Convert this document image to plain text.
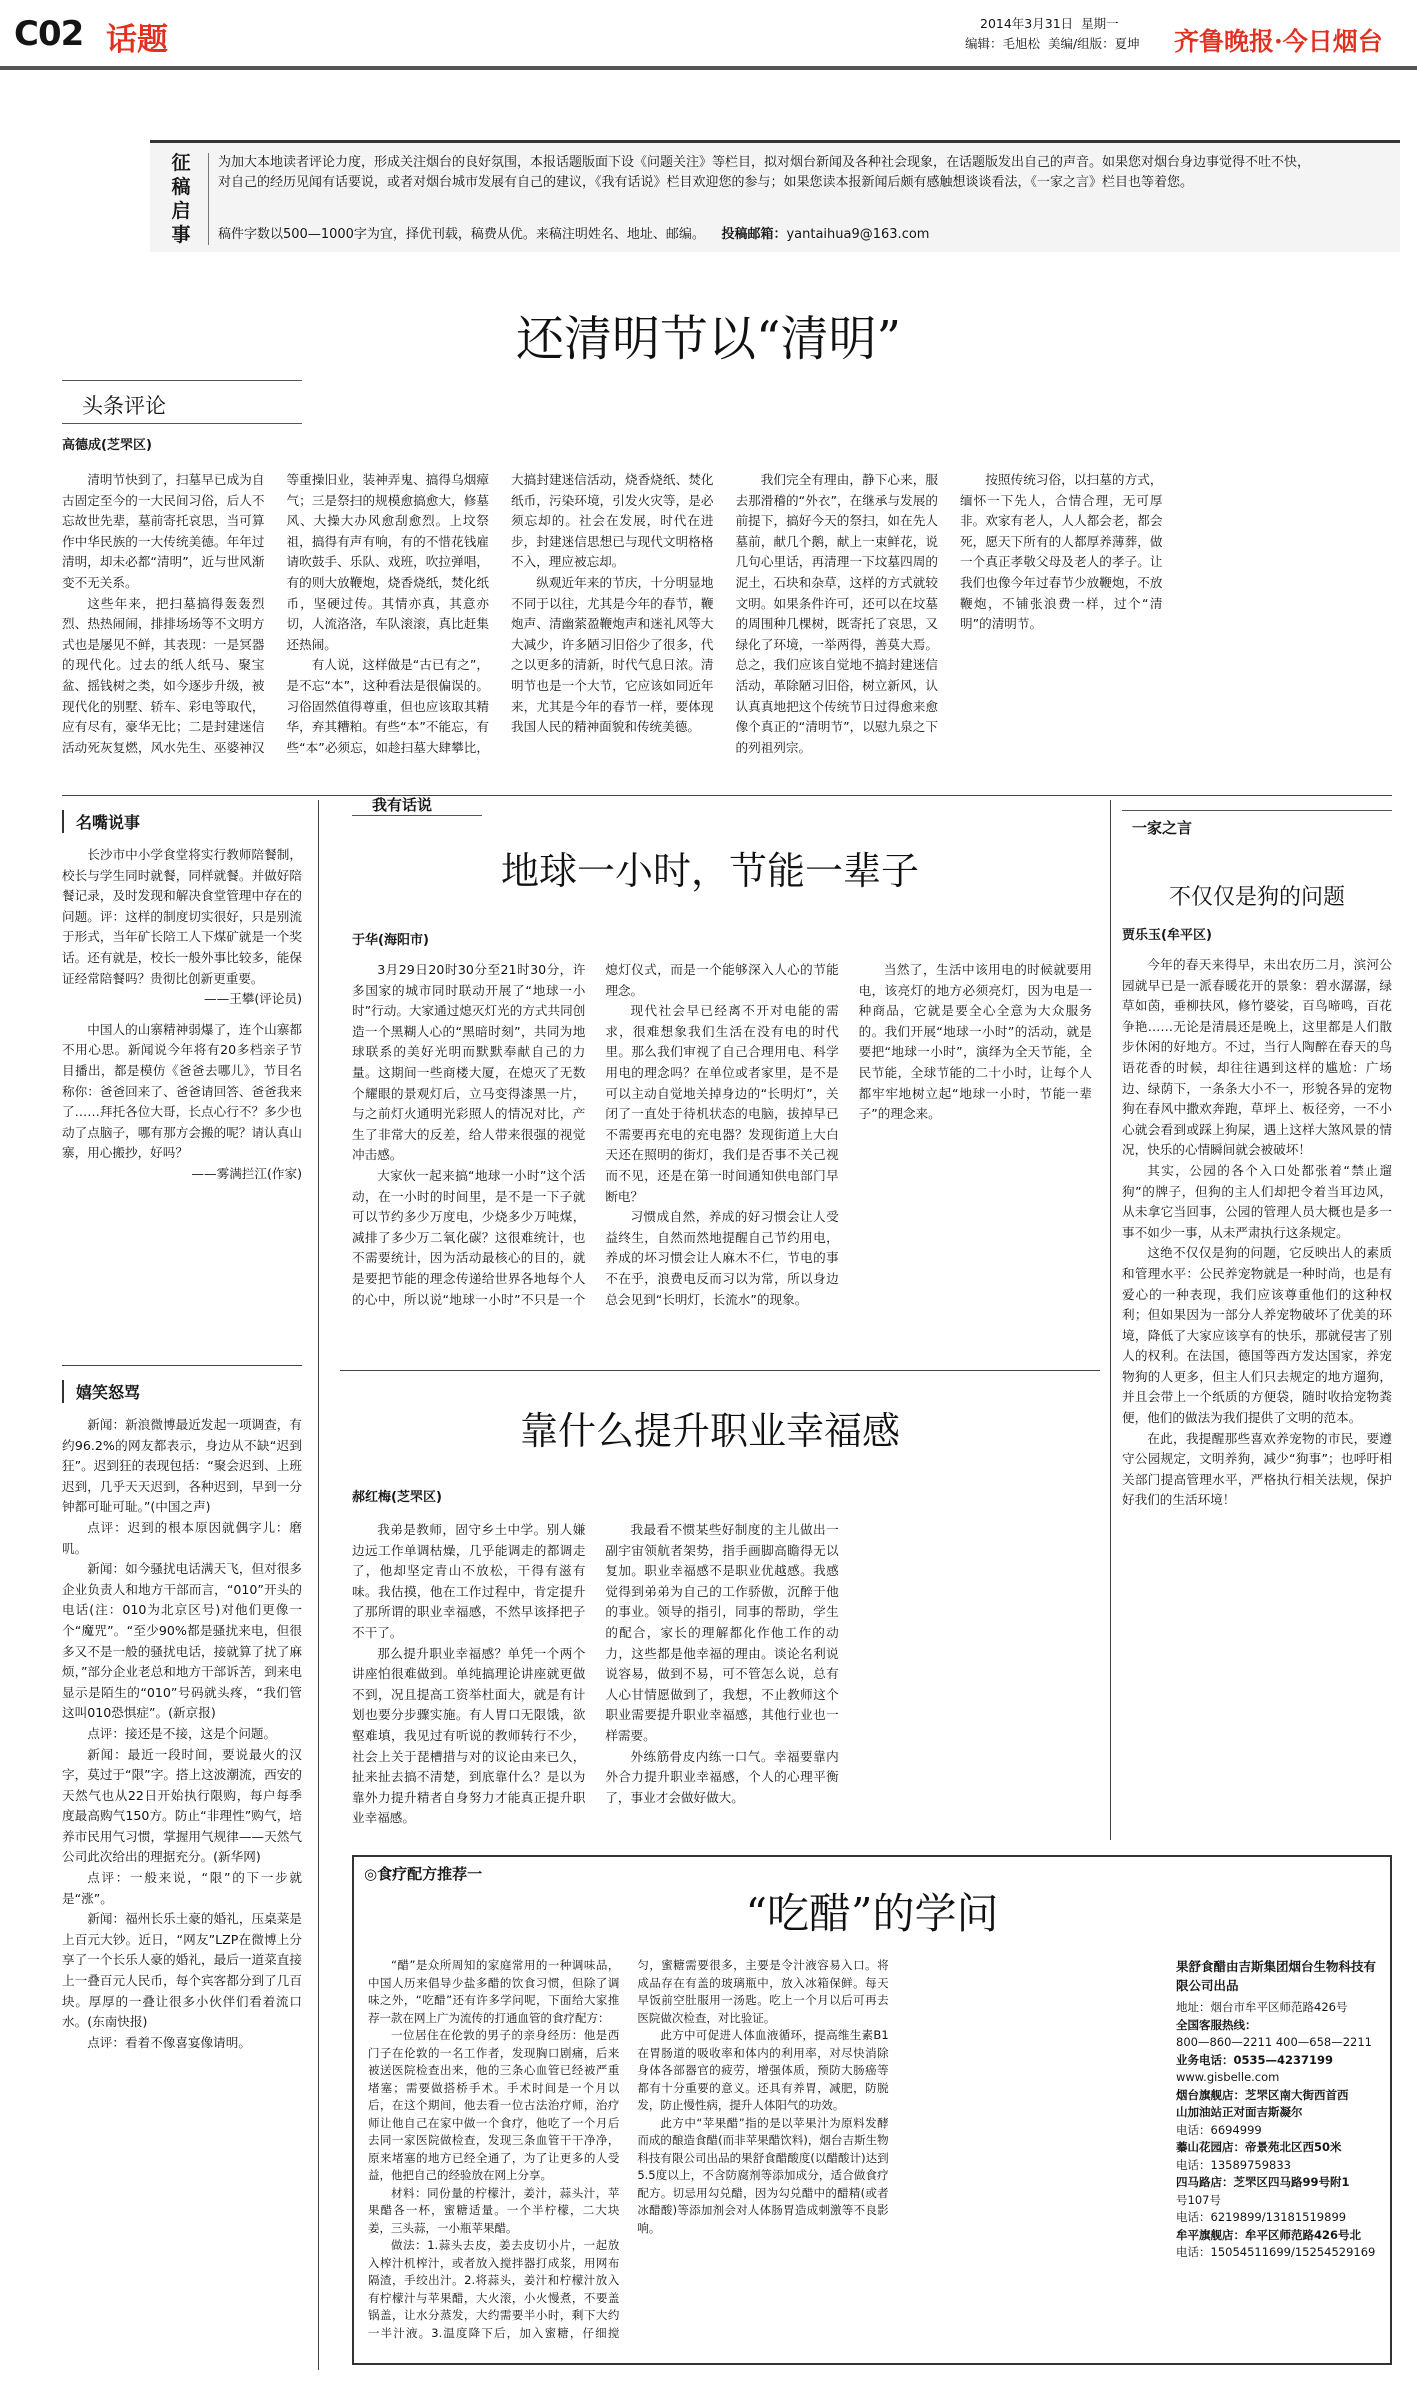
C02 话题	2014年3月31日 星期一
编辑：毛旭松 美编/组版：夏坤 齐鲁晚报·今日烟台
征
稿
启
事
为加大本地读者评论力度，形成关注烟台的良好氛围，本报话题版面下设《问题关注》等栏目，拟对烟台新闻及各种社会现象，在话题版发出自己的声音。如果您对烟台身边事觉得不吐不快，对自己的经历见闻有话要说，或者对烟台城市发展有自己的建议，《我有话说》栏目欢迎您的参与；如果您读本报新闻后颇有感触想谈谈看法，《一家之言》栏目也等着您。
稿件字数以500—1000字为宜，择优刊载，稿费从优。来稿注明姓名、地址、邮编。 投稿邮箱：yantaihua9@163.com
还清明节以“清明”
头条评论
高德成(芝罘区)
清明节快到了，扫墓早已成为自古固定至今的一大民间习俗，后人不忘故世先辈，墓前寄托哀思，当可算作中华民族的一大传统美德。年年过清明，却未必都“清明”，近与世风渐变不无关系。
这些年来，把扫墓搞得轰轰烈烈、热热闹闹，排排场场等不文明方式也是屡见不鲜，其表现：一是冥器的现代化。过去的纸人纸马、聚宝盆、摇钱树之类，如今逐步升级，被现代化的别墅、轿车、彩电等取代，应有尽有，豪华无比；二是封建迷信活动死灰复燃，风水先生、巫婆神汉等重操旧业，装神弄鬼、搞得乌烟瘴气；三是祭扫的规模愈搞愈大，修墓风、大操大办风愈刮愈烈。上坟祭祖，搞得有声有响，有的不惜花钱雇请吹鼓手、乐队、戏班，吹拉弹唱，有的则大放鞭炮，烧香烧纸，焚化纸币，坚硬过传。其情亦真，其意亦切，人流洛洛，车队滚滚，真比赶集还热闹。
有人说，这样做是“古已有之”，是不忘“本”，这种看法是很偏误的。习俗固然值得尊重，但也应该取其精华，弃其糟粕。有些“本”不能忘，有些“本”必须忘，如趁扫墓大肆攀比，大搞封建迷信活动，烧香烧纸、焚化纸币，污染环境，引发火灾等，是必须忘却的。社会在发展，时代在进步，封建迷信思想已与现代文明格格不入，理应被忘却。
纵观近年来的节庆，十分明显地不同于以往，尤其是今年的春节，鞭炮声、清幽萦盈鞭炮声和迷礼风等大大减少，许多陋习旧俗少了很多，代之以更多的清新，时代气息日浓。清明节也是一个大节，它应该如同近年来，尤其是今年的春节一样，要体现我国人民的精神面貌和传统美德。
我们完全有理由，静下心来，服去那滑稽的“外衣”，在继承与发展的前提下，搞好今天的祭扫，如在先人墓前，献几个鹅，献上一束鲜花，说几句心里话，再清理一下坟墓四周的泥土，石块和杂草，这样的方式就较文明。如果条件许可，还可以在坟墓的周围种几棵树，既寄托了哀思，又绿化了环境，一举两得，善莫大焉。总之，我们应该自觉地不搞封建迷信活动，革除陋习旧俗，树立新风，认认真真地把这个传统节日过得愈来愈像个真正的“清明节”，以慰九泉之下的列祖列宗。
按照传统习俗，以扫墓的方式，缅怀一下先人，合情合理，无可厚非。欢家有老人，人人都会老，都会死，愿天下所有的人都厚养薄葬，做一个真正孝敬父母及老人的孝子。让我们也像今年过春节少放鞭炮，不放鞭炮，不铺张浪费一样，过个“清明”的清明节。
名嘴说事
长沙市中小学食堂将实行教师陪餐制，校长与学生同时就餐，同样就餐。并做好陪餐记录，及时发现和解决食堂管理中存在的问题。评：这样的制度切实很好，只是别流于形式，当年矿长陪工人下煤矿就是一个奖话。还有就是，校长一般外事比较多，能保证经常陪餐吗？贵彻比创新更重要。
——王攀(评论员)
中国人的山寨精神弱爆了，连个山寨都不用心思。新闻说今年将有20多档亲子节目播出，都是模仿《爸爸去哪儿》，节目名称你：爸爸回来了、爸爸请回答、爸爸我来了……拜托各位大哥，长点心行不？多少也动了点脑子，哪有那方会搬的呢？请认真山寨，用心搬抄，好吗？
——雾满拦江(作家)
嬉笑怒骂
新闻：新浪微博最近发起一项调查，有约96.2%的网友都表示，身边从不缺“迟到狂”。迟到狂的表现包括：“聚会迟到、上班迟到，几乎天天迟到，各种迟到，早到一分钟都可耻可耻。”(中国之声)
点评：迟到的根本原因就偶字儿：磨叽。
新闻：如今骚扰电话满天飞，但对很多企业负责人和地方干部而言，“010”开头的电话(注：010为北京区号)对他们更像一个“魔咒”。“至少90%都是骚扰来电，但很多又不是一般的骚扰电话，接就算了扰了麻烦，”部分企业老总和地方干部诉苦，到来电显示是陌生的“010”号码就头疼，“我们管这叫010恐惧症”。(新京报)
点评：接还是不接，这是个问题。
新闻：最近一段时间，要说最火的汉字，莫过于“限”字。搭上这波潮流，西安的天然气也从22日开始执行限购，每户每季度最高购气150方。防止“非理性”购气，培养市民用气习惯，掌握用气规律——天然气公司此次给出的理据充分。(新华网)
点评：一般来说，“限”的下一步就是“涨”。
新闻：福州长乐土豪的婚礼，压桌菜是上百元大钞。近日，“网友”LZP在微博上分享了一个长乐人豪的婚礼，最后一道菜直接上一叠百元人民币，每个宾客都分到了几百块。厚厚的一叠让很多小伙伴们看着流口水。(东南快报)
点评：看着不像喜宴像请明。
我有话说
地球一小时，节能一辈子
于华(海阳市)
3月29日20时30分至21时30分，许多国家的城市同时联动开展了“地球一小时”行动。大家通过熄灭灯光的方式共同创造一个黑糊人心的“黑暗时刻”，共同为地球联系的美好光明而默默奉献自己的力量。这期间一些商楼大厦，在熄灭了无数个耀眼的景观灯后，立马变得漆黑一片，与之前灯火通明光彩照人的情况对比，产生了非常大的反差，给人带来很强的视觉冲击感。
大家伙一起来搞“地球一小时”这个活动，在一小时的时间里，是不是一下子就可以节约多少万度电，少烧多少万吨煤，减排了多少万二氧化碳？这很难统计，也不需要统计，因为活动最核心的目的，就是要把节能的理念传递给世界各地每个人的心中，所以说“地球一小时”不只是一个熄灯仪式，而是一个能够深入人心的节能理念。
现代社会早已经离不开对电能的需求，很难想象我们生活在没有电的时代里。那么我们审视了自己合理用电、科学用电的理念吗？在单位或者家里，是不是可以主动自觉地关掉身边的“长明灯”，关闭了一直处于待机状态的电脑，拔掉早已不需要再充电的充电器？发现街道上大白天还在照明的街灯，我们是否事不关己视而不见，还是在第一时间通知供电部门早断电？
习惯成自然，养成的好习惯会让人受益终生，自然而然地提醒自己节约用电，养成的坏习惯会让人麻木不仁，节电的事不在乎，浪费电反而习以为常，所以身边总会见到“长明灯，长流水”的现象。
当然了，生活中该用电的时候就要用电，该亮灯的地方必须亮灯，因为电是一种商品，它就是要全心全意为大众服务的。我们开展“地球一小时”的活动，就是要把“地球一小时”，演绎为全天节能，全民节能，全球节能的二十小时，让每个人都牢牢地树立起“地球一小时，节能一辈子”的理念来。
靠什么提升职业幸福感
郝红梅(芝罘区)
我弟是教师，固守乡土中学。别人嫌边远工作单调枯燥，几乎能调走的都调走了，他却坚定青山不放松，干得有滋有味。我估摸，他在工作过程中，肯定提升了那所谓的职业幸福感，不然早该择把子不干了。
那么提升职业幸福感？单凭一个两个讲座怕很难做到。单纯搞理论讲座就更做不到，况且提高工资举杜面大，就是有计划也要分步骤实施。有人胃口无限饿，欲壑难填，我见过有听说的教师转行不少，社会上关于琵槽措与对的议论由来已久，扯来扯去搞不清楚，到底靠什么？是以为靠外力提升精者自身努力才能真正提升职业幸福感。
我最看不惯某些好制度的主儿做出一副宇宙领航者架势，指手画脚高瞻得无以复加。职业幸福感不是职业优越感。我感觉得到弟弟为自己的工作骄傲，沉醉于他的事业。领导的指引，同事的帮助，学生的配合，家长的理解都化作他工作的动力，这些都是他幸福的理由。谈论名利说说容易，做到不易，可不管怎么说，总有人心甘情愿做到了，我想，不止教师这个职业需要提升职业幸福感，其他行业也一样需要。
外练筋骨皮内练一口气。幸福要靠内外合力提升职业幸福感，个人的心理平衡了，事业才会做好做大。
一家之言
不仅仅是狗的问题
贾乐玉(牟平区)
今年的春天来得早，未出农历二月，滨河公园就早已是一派春暖花开的景象：碧水潺潺，绿草如茵，垂柳扶风，修竹婆娑，百鸟啼鸣，百花争艳……无论是清晨还是晚上，这里都是人们散步休闲的好地方。不过，当行人陶醉在春天的鸟语花香的时候，却往往遇到这样的尴尬：广场边、绿荫下，一条条大小不一，形貌各异的宠物狗在春风中撒欢奔跑，草坪上、板径旁，一不小心就会看到或踩上狗屎，遇上这样大煞风景的情况，快乐的心情瞬间就会被破坏！
其实，公园的各个入口处都张着“禁止遛狗”的牌子，但狗的主人们却把令着当耳边风，从未拿它当回事，公园的管理人员大概也是多一事不如少一事，从未严肃执行这条规定。
这绝不仅仅是狗的问题，它反映出人的素质和管理水平：公民养宠物就是一种时尚，也是有爱心的一种表现，我们应该尊重他们的这种权利；但如果因为一部分人养宠物破坏了优美的环境，降低了大家应该享有的快乐，那就侵害了别人的权利。在法国，德国等西方发达国家，养宠物狗的人更多，但主人们只去规定的地方遛狗，并且会带上一个纸质的方便袋，随时收拾宠物粪便，他们的做法为我们提供了文明的范本。
在此，我提醒那些喜欢养宠物的市民，要遵守公园规定，文明养狗，减少“狗事”；也呼吁相关部门提高管理水平，严格执行相关法规，保护好我们的生活环境！
◎食疗配方推荐一
“吃醋”的学问
“醋”是众所周知的家庭常用的一种调味品，中国人历来倡导少盐多醋的饮食习惯，但除了调味之外，“吃醋”还有许多学问呢，下面给大家推荐一款在网上广为流传的打通血管的食疗配方：
一位居住在伦敦的男子的亲身经历：他是西门子在伦敦的一名工作者，发现胸口剧痛，后来被送医院检查出来，他的三条心血管已经被严重堵塞；需要做搭桥手术。手术时间是一个月以后，在这个期间，他去看一位古法治疗师，治疗师让他自己在家中做一个食疗，他吃了一个月后去同一家医院做检查，发现三条血管干干净净，原来堵塞的地方已经全通了，为了让更多的人受益，他把自己的经验放在网上分享。
材料：同份量的柠檬汁，姜汁，蒜头汁，苹果醋各一杯，蜜糖适量。一个半柠檬，二大块姜，三头蒜，一小瓶苹果醋。
做法：1.蒜头去皮，姜去皮切小片，一起放入榨汁机榨汁，或者放入搅拌器打成浆，用网布隔渣，手绞出汁。2.将蒜头，姜汁和柠檬汁放入有柠檬汁与苹果醋，大火滚，小火慢煮，不要盖锅盖，让水分蒸发，大约需要半小时，剩下大约一半汁液。3.温度降下后，加入蜜糖，仔细搅匀，蜜糖需要很多，主要是令汁液容易入口。将成品存在有盖的玻璃瓶中，放入冰箱保鲜。每天早饭前空肚服用一汤匙。吃上一个月以后可再去医院做次检查，对比验证。
此方中可促进人体血液循环，提高维生素B1在胃肠道的吸收率和体内的利用率，对尽快消除身体各部器官的疲劳，增强体质，预防大肠癌等都有十分重要的意义。还具有养胃，减肥，防脱发，防止慢性病，提升人体阳气的功效。
此方中“苹果醋”指的是以苹果汁为原料发酵而成的酿造食醋(而非苹果醋饮料)，烟台吉斯生物科技有限公司出品的果舒食醋酸度(以醋酸计)达到5.5度以上，不含防腐剂等添加成分，适合做食疗配方。切忌用勾兑醋，因为勾兑醋中的醋精(或者冰醋酸)等添加剂会对人体肠胃造成刺激等不良影响。
果舒食醋由吉斯集团烟台生物科技有限公司出品
地址：烟台市牟平区师范路426号
全国客服热线：
800—860—2211 400—658—2211
业务电话：0535—4237199
www.gisbelle.com
烟台旗舰店：芝罘区南大街西首西
山加油站正对面吉斯凝尔
电话：6694999
蓁山花园店：帝景苑北区西50米
电话：13589759833
四马路店：芝罘区四马路99号附1
号107号
电话：6219899/13181519899
牟平旗舰店：牟平区师范路426号北
电话：15054511699/15254529169
